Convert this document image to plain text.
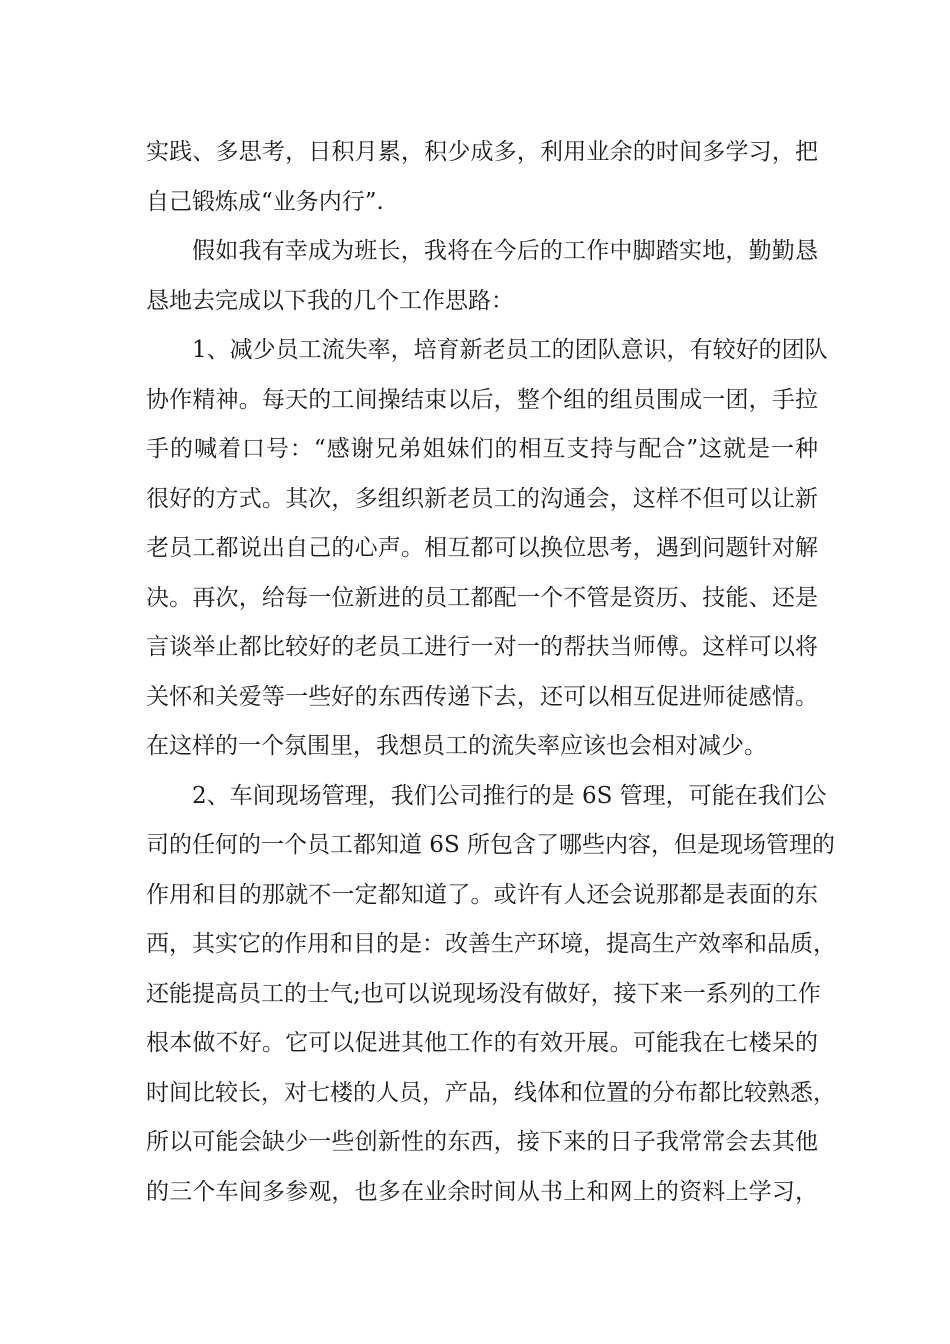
实践、多思考，日积月累，积少成多，利用业余的时间多学习，把
自己锻炼成“业务内行”.
假如我有幸成为班长，我将在今后的工作中脚踏实地，勤勤恳
恳地去完成以下我的几个工作思路：
1、减少员工流失率，培育新老员工的团队意识，有较好的团队
协作精神。每天的工间操结束以后，整个组的组员围成一团，手拉
手的喊着口号：“感谢兄弟姐妹们的相互支持与配合”这就是一种
很好的方式。其次，多组织新老员工的沟通会，这样不但可以让新
老员工都说出自己的心声。相互都可以换位思考，遇到问题针对解
决。再次，给每一位新进的员工都配一个不管是资历、技能、还是
言谈举止都比较好的老员工进行一对一的帮扶当师傅。这样可以将
关怀和关爱等一些好的东西传递下去，还可以相互促进师徒感情。
在这样的一个氛围里，我想员工的流失率应该也会相对减少。
2、车间现场管理，我们公司推行的是 6S 管理，可能在我们公
司的任何的一个员工都知道 6S 所包含了哪些内容，但是现场管理的
作用和目的那就不一定都知道了。或许有人还会说那都是表面的东
西，其实它的作用和目的是：改善生产环境，提高生产效率和品质，
还能提高员工的士气;也可以说现场没有做好，接下来一系列的工作
根本做不好。它可以促进其他工作的有效开展。可能我在七楼呆的
时间比较长，对七楼的人员，产品，线体和位置的分布都比较熟悉，
所以可能会缺少一些创新性的东西，接下来的日子我常常会去其他
的三个车间多参观，也多在业余时间从书上和网上的资料上学习，
